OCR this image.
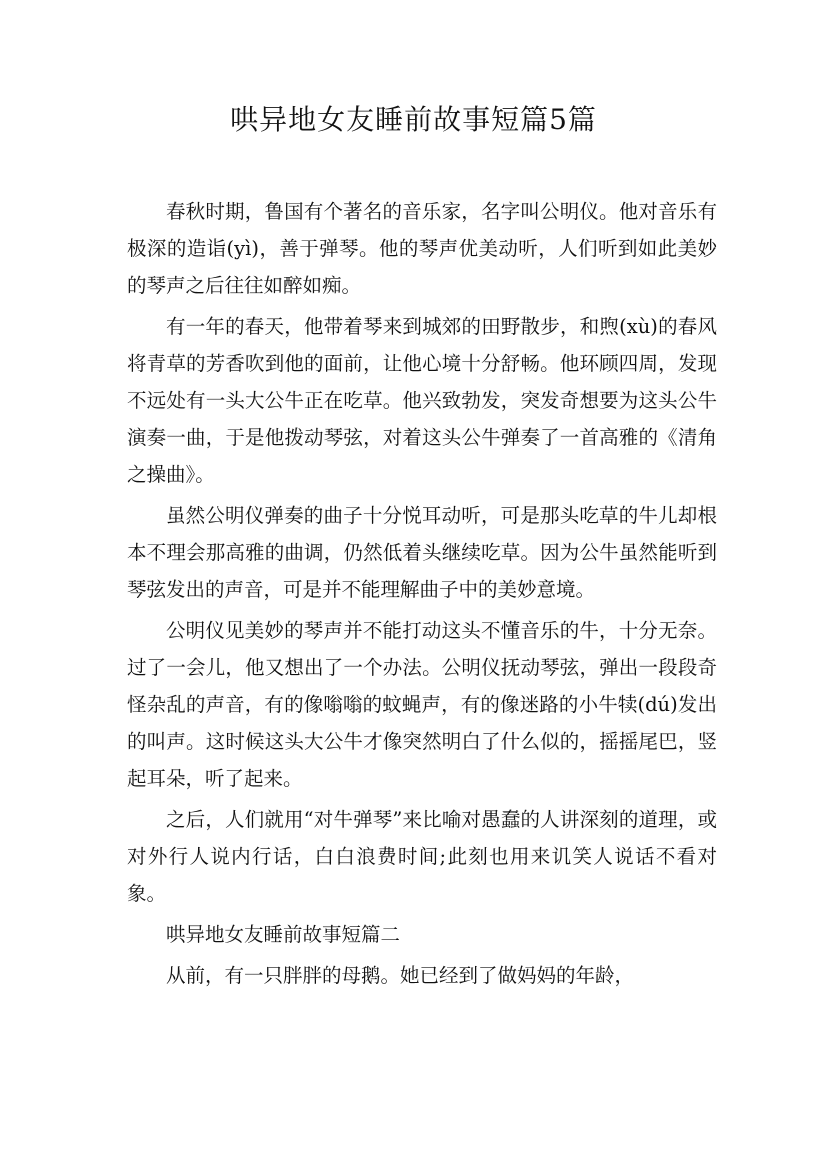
哄异地女友睡前故事短篇5篇

春秋时期，鲁国有个著名的音乐家，名字叫公明仪。他对音乐有极深的造诣(yì)，善于弹琴。他的琴声优美动听，人们听到如此美妙的琴声之后往往如醉如痴。

有一年的春天，他带着琴来到城郊的田野散步，和煦(xù)的春风将青草的芳香吹到他的面前，让他心境十分舒畅。他环顾四周，发现不远处有一头大公牛正在吃草。他兴致勃发，突发奇想要为这头公牛演奏一曲，于是他拨动琴弦，对着这头公牛弹奏了一首高雅的《清角之操曲》。

虽然公明仪弹奏的曲子十分悦耳动听，可是那头吃草的牛儿却根本不理会那高雅的曲调，仍然低着头继续吃草。因为公牛虽然能听到琴弦发出的声音，可是并不能理解曲子中的美妙意境。

公明仪见美妙的琴声并不能打动这头不懂音乐的牛，十分无奈。过了一会儿，他又想出了一个办法。公明仪抚动琴弦，弹出一段段奇怪杂乱的声音，有的像嗡嗡的蚊蝇声，有的像迷路的小牛犊(dú)发出的叫声。这时候这头大公牛才像突然明白了什么似的，摇摇尾巴，竖起耳朵，听了起来。

之后，人们就用“对牛弹琴”来比喻对愚蠢的人讲深刻的道理，或对外行人说内行话，白白浪费时间;此刻也用来讥笑人说话不看对象。

哄异地女友睡前故事短篇二

从前，有一只胖胖的母鹅。她已经到了做妈妈的年龄，
